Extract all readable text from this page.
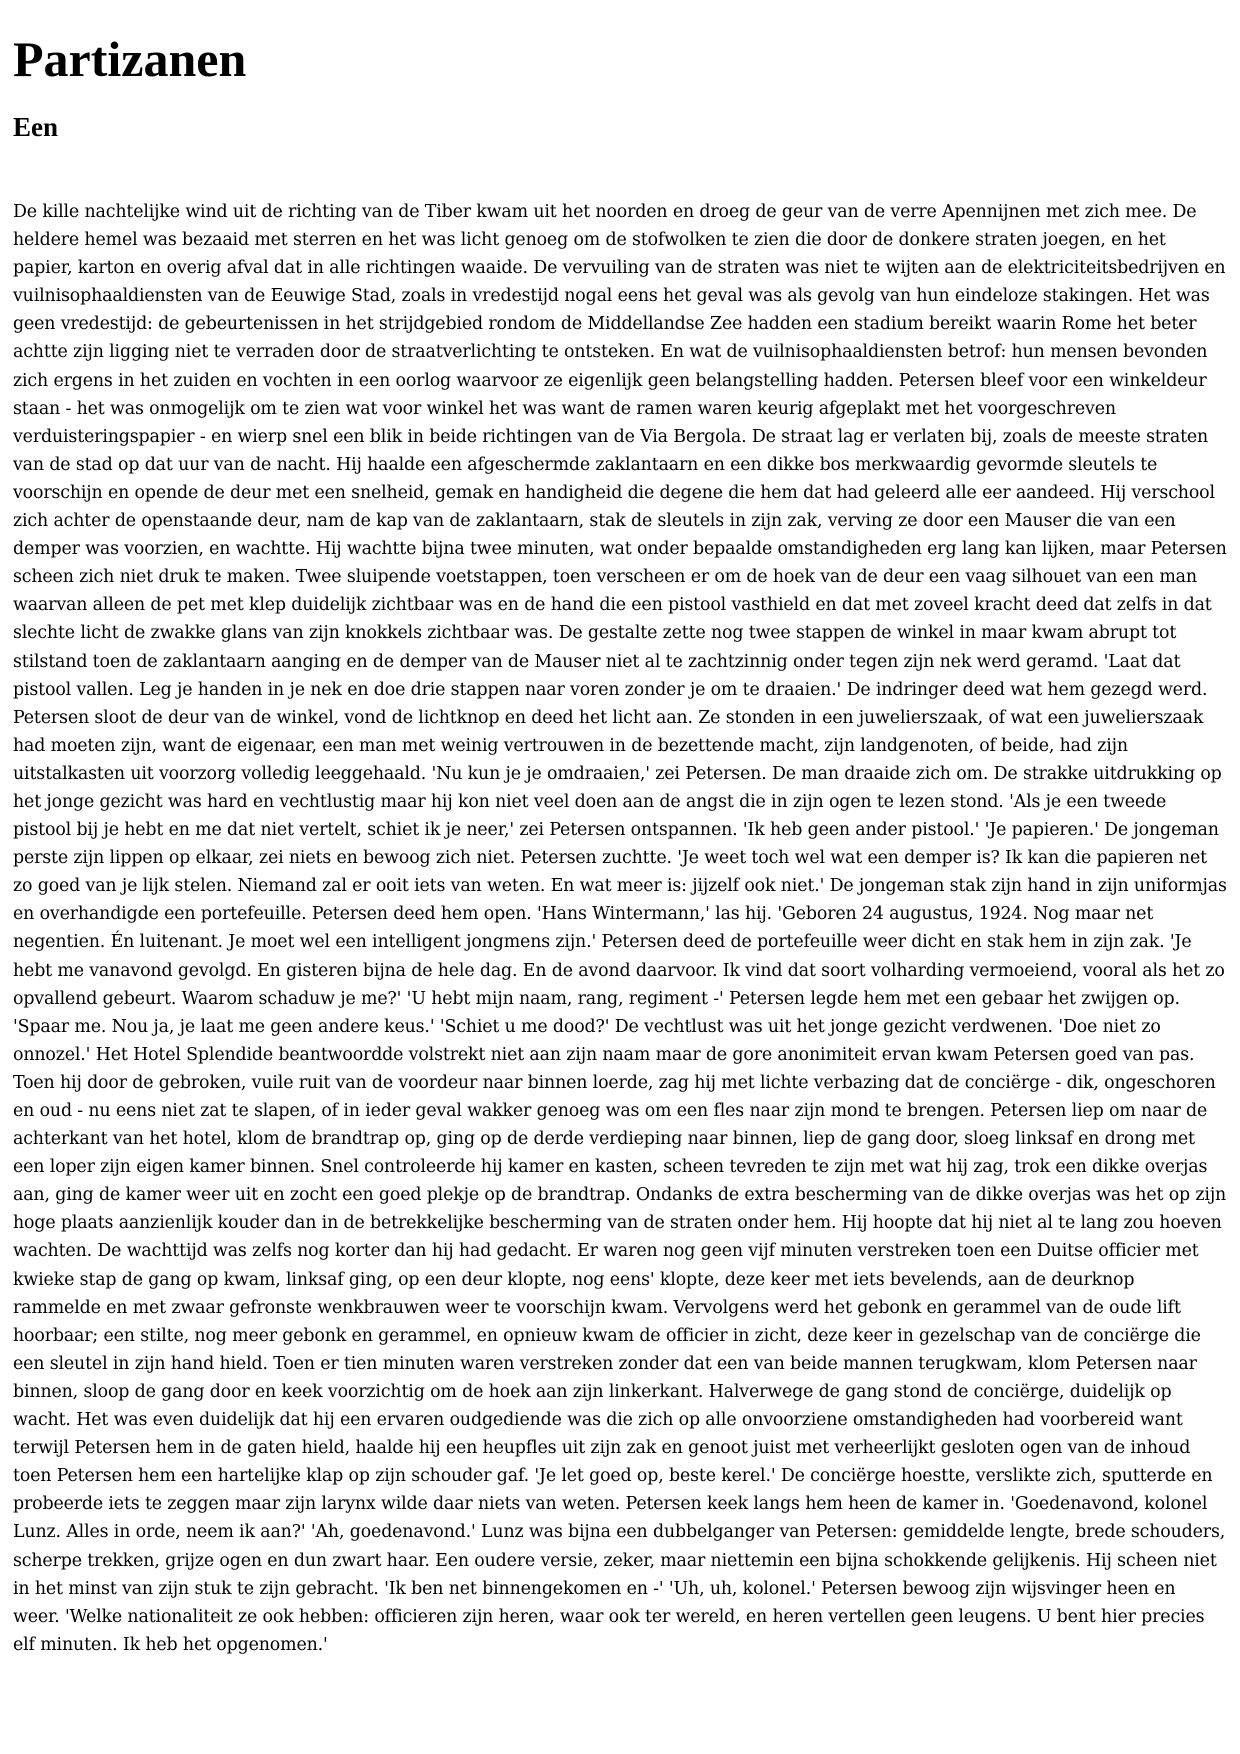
Partizanen
Een

De kille nachtelijke wind uit de richting van de Tiber kwam uit het noorden en droeg de geur van de verre Apennijnen met zich mee. De heldere hemel was bezaaid met sterren en het was licht genoeg om de stofwolken te zien die door de donkere straten joegen, en het papier, karton en overig afval dat in alle richtingen waaide. De vervuiling van de straten was niet te wijten aan de elektriciteitsbedrijven en vuilnisophaaldiensten van de Eeuwige Stad, zoals in vredestijd nogal eens het geval was als gevolg van hun eindeloze stakingen. Het was geen vredestijd: de gebeurtenissen in het strijdgebied rondom de Middellandse Zee hadden een stadium bereikt waarin Rome het beter achtte zijn ligging niet te verraden door de straatverlichting te ontsteken. En wat de vuilnisophaaldiensten betrof: hun mensen bevonden zich ergens in het zuiden en vochten in een oorlog waarvoor ze eigenlijk geen belangstelling hadden. Petersen bleef voor een winkeldeur staan - het was onmogelijk om te zien wat voor winkel het was want de ramen waren keurig afgeplakt met het voorgeschreven verduisteringspapier - en wierp snel een blik in beide richtingen van de Via Bergola. De straat lag er verlaten bij, zoals de meeste straten van de stad op dat uur van de nacht. Hij haalde een afgeschermde zaklantaarn en een dikke bos merkwaardig gevormde sleutels te voorschijn en opende de deur met een snelheid, gemak en handigheid die degene die hem dat had geleerd alle eer aandeed. Hij verschool zich achter de openstaande deur, nam de kap van de zaklantaarn, stak de sleutels in zijn zak, verving ze door een Mauser die van een demper was voorzien, en wachtte. Hij wachtte bijna twee minuten, wat onder bepaalde omstandigheden erg lang kan lijken, maar Petersen scheen zich niet druk te maken. Twee sluipende voetstappen, toen verscheen er om de hoek van de deur een vaag silhouet van een man waarvan alleen de pet met klep duidelijk zichtbaar was en de hand die een pistool vasthield en dat met zoveel kracht deed dat zelfs in dat slechte licht de zwakke glans van zijn knokkels zichtbaar was. De gestalte zette nog twee stappen de winkel in maar kwam abrupt tot stilstand toen de zaklantaarn aanging en de demper van de Mauser niet al te zachtzinnig onder tegen zijn nek werd geramd. 'Laat dat pistool vallen. Leg je handen in je nek en doe drie stappen naar voren zonder je om te draaien.' De indringer deed wat hem gezegd werd. Petersen sloot de deur van de winkel, vond de lichtknop en deed het licht aan. Ze stonden in een juwelierszaak, of wat een juwelierszaak had moeten zijn, want de eigenaar, een man met weinig vertrouwen in de bezettende macht, zijn landgenoten, of beide, had zijn uitstalkasten uit voorzorg volledig leeggehaald. 'Nu kun je je omdraaien,' zei Petersen. De man draaide zich om. De strakke uitdrukking op het jonge gezicht was hard en vechtlustig maar hij kon niet veel doen aan de angst die in zijn ogen te lezen stond. 'Als je een tweede pistool bij je hebt en me dat niet vertelt, schiet ik je neer,' zei Petersen ontspannen. 'Ik heb geen ander pistool.' 'Je papieren.' De jongeman perste zijn lippen op elkaar, zei niets en bewoog zich niet. Petersen zuchtte. 'Je weet toch wel wat een demper is? Ik kan die papieren net zo goed van je lijk stelen. Niemand zal er ooit iets van weten. En wat meer is: jijzelf ook niet.' De jongeman stak zijn hand in zijn uniformjas en overhandigde een portefeuille. Petersen deed hem open. 'Hans Wintermann,' las hij. 'Geboren 24 augustus, 1924. Nog maar net negentien. Én luitenant. Je moet wel een intelligent jongmens zijn.' Petersen deed de portefeuille weer dicht en stak hem in zijn zak. 'Je hebt me vanavond gevolgd. En gisteren bijna de hele dag. En de avond daarvoor. Ik vind dat soort volharding vermoeiend, vooral als het zo opvallend gebeurt. Waarom schaduw je me?' 'U hebt mijn naam, rang, regiment -' Petersen legde hem met een gebaar het zwijgen op. 'Spaar me. Nou ja, je laat me geen andere keus.' 'Schiet u me dood?' De vechtlust was uit het jonge gezicht verdwenen. 'Doe niet zo onnozel.' Het Hotel Splendide beantwoordde volstrekt niet aan zijn naam maar de gore anonimiteit ervan kwam Petersen goed van pas. Toen hij door de gebroken, vuile ruit van de voordeur naar binnen loerde, zag hij met lichte verbazing dat de conciërge - dik, ongeschoren en oud - nu eens niet zat te slapen, of in ieder geval wakker genoeg was om een fles naar zijn mond te brengen. Petersen liep om naar de achterkant van het hotel, klom de brandtrap op, ging op de derde verdieping naar binnen, liep de gang door, sloeg linksaf en drong met een loper zijn eigen kamer binnen. Snel controleerde hij kamer en kasten, scheen tevreden te zijn met wat hij zag, trok een dikke overjas aan, ging de kamer weer uit en zocht een goed plekje op de brandtrap. Ondanks de extra bescherming van de dikke overjas was het op zijn hoge plaats aanzienlijk kouder dan in de betrekkelijke bescherming van de straten onder hem. Hij hoopte dat hij niet al te lang zou hoeven wachten. De wachttijd was zelfs nog korter dan hij had gedacht. Er waren nog geen vijf minuten verstreken toen een Duitse officier met kwieke stap de gang op kwam, linksaf ging, op een deur klopte, nog eens' klopte, deze keer met iets bevelends, aan de deurknop rammelde en met zwaar gefronste wenkbrauwen weer te voorschijn kwam. Vervolgens werd het gebonk en gerammel van de oude lift hoorbaar; een stilte, nog meer gebonk en gerammel, en opnieuw kwam de officier in zicht, deze keer in gezelschap van de conciërge die een sleutel in zijn hand hield. Toen er tien minuten waren verstreken zonder dat een van beide mannen terugkwam, klom Petersen naar binnen, sloop de gang door en keek voorzichtig om de hoek aan zijn linkerkant. Halverwege de gang stond de conciërge, duidelijk op wacht. Het was even duidelijk dat hij een ervaren oudgediende was die zich op alle onvoorziene omstandigheden had voorbereid want terwijl Petersen hem in de gaten hield, haalde hij een heupfles uit zijn zak en genoot juist met verheerlijkt gesloten ogen van de inhoud toen Petersen hem een hartelijke klap op zijn schouder gaf. 'Je let goed op, beste kerel.' De conciërge hoestte, verslikte zich, sputterde en probeerde iets te zeggen maar zijn larynx wilde daar niets van weten. Petersen keek langs hem heen de kamer in. 'Goedenavond, kolonel Lunz. Alles in orde, neem ik aan?' 'Ah, goedenavond.' Lunz was bijna een dubbelganger van Petersen: gemiddelde lengte, brede schouders, scherpe trekken, grijze ogen en dun zwart haar. Een oudere versie, zeker, maar niettemin een bijna schokkende gelijkenis. Hij scheen niet in het minst van zijn stuk te zijn gebracht. 'Ik ben net binnengekomen en -' 'Uh, uh, kolonel.' Petersen bewoog zijn wijsvinger heen en weer. 'Welke nationaliteit ze ook hebben: officieren zijn heren, waar ook ter wereld, en heren vertellen geen leugens. U bent hier precies elf minuten. Ik heb het opgenomen.'
